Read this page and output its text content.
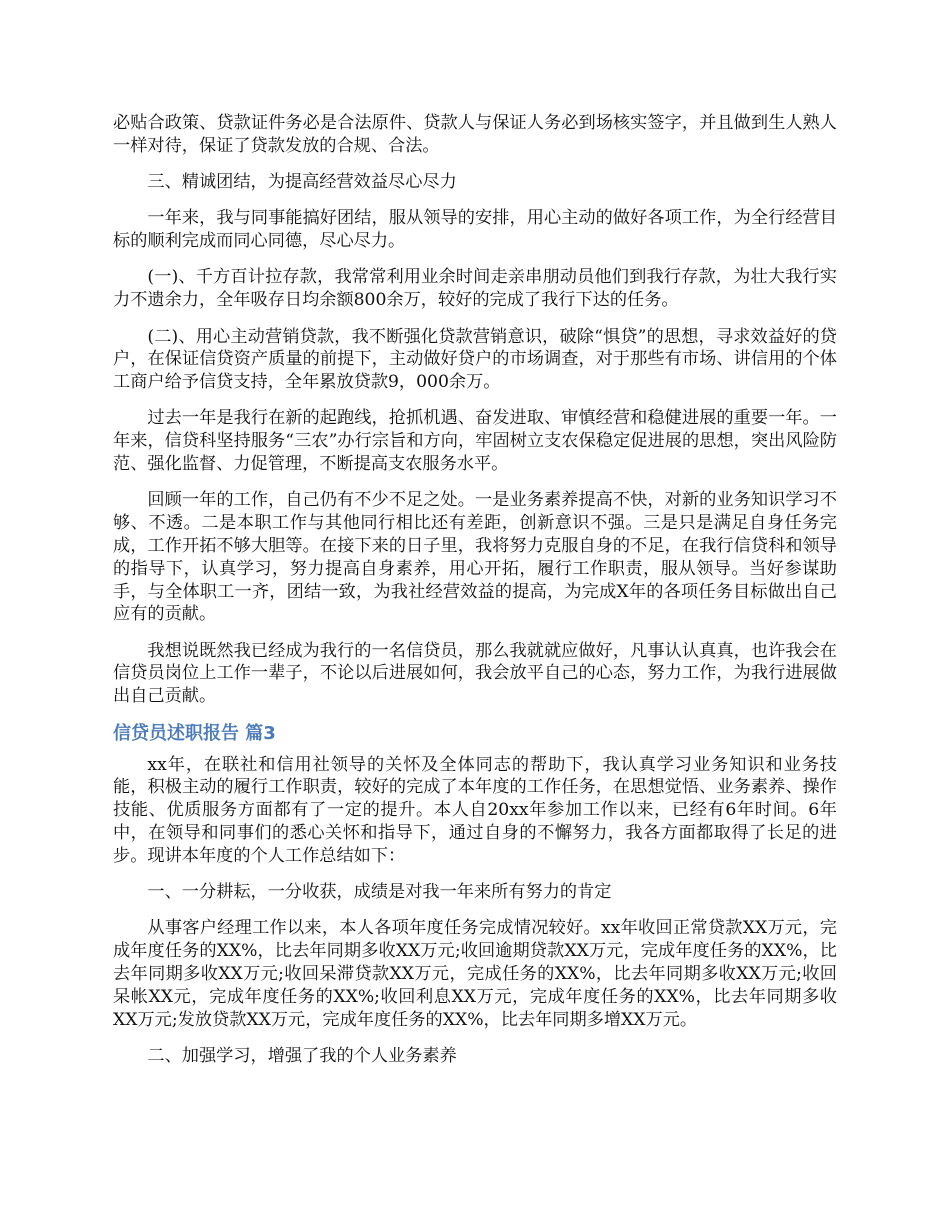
必贴合政策、贷款证件务必是合法原件、贷款人与保证人务必到场核实签字，并且做到生人熟人一样对待，保证了贷款发放的合规、合法。

三、精诚团结，为提高经营效益尽心尽力

一年来，我与同事能搞好团结，服从领导的安排，用心主动的做好各项工作，为全行经营目标的顺利完成而同心同德，尽心尽力。

(一)、千方百计拉存款，我常常利用业余时间走亲串朋动员他们到我行存款，为壮大我行实力不遗余力，全年吸存日均余额800余万，较好的完成了我行下达的任务。

(二)、用心主动营销贷款，我不断强化贷款营销意识，破除“惧贷”的思想，寻求效益好的贷户，在保证信贷资产质量的前提下，主动做好贷户的市场调查，对于那些有市场、讲信用的个体工商户给予信贷支持，全年累放贷款9，000余万。

过去一年是我行在新的起跑线，抢抓机遇、奋发进取、审慎经营和稳健进展的重要一年。一年来，信贷科坚持服务“三农”办行宗旨和方向，牢固树立支农保稳定促进展的思想，突出风险防范、强化监督、力促管理，不断提高支农服务水平。

回顾一年的工作，自己仍有不少不足之处。一是业务素养提高不快，对新的业务知识学习不够、不透。二是本职工作与其他同行相比还有差距，创新意识不强。三是只是满足自身任务完成，工作开拓不够大胆等。在接下来的日子里，我将努力克服自身的不足，在我行信贷科和领导的指导下，认真学习，努力提高自身素养，用心开拓，履行工作职责，服从领导。当好参谋助手，与全体职工一齐，团结一致，为我社经营效益的提高，为完成X年的各项任务目标做出自己应有的贡献。

我想说既然我已经成为我行的一名信贷员，那么我就就应做好，凡事认认真真，也许我会在信贷员岗位上工作一辈子，不论以后进展如何，我会放平自己的心态，努力工作，为我行进展做出自己贡献。

信贷员述职报告 篇3

xx年，在联社和信用社领导的关怀及全体同志的帮助下，我认真学习业务知识和业务技能，积极主动的履行工作职责，较好的完成了本年度的工作任务，在思想觉悟、业务素养、操作技能、优质服务方面都有了一定的提升。本人自20xx年参加工作以来，已经有6年时间。6年中，在领导和同事们的悉心关怀和指导下，通过自身的不懈努力，我各方面都取得了长足的进步。现讲本年度的个人工作总结如下：

一、一分耕耘，一分收获，成绩是对我一年来所有努力的肯定

从事客户经理工作以来，本人各项年度任务完成情况较好。xx年收回正常贷款XX万元，完成年度任务的XX%，比去年同期多收XX万元;收回逾期贷款XX万元，完成年度任务的XX%，比去年同期多收XX万元;收回呆滞贷款XX万元，完成任务的XX%，比去年同期多收XX万元;收回呆帐XX元，完成年度任务的XX%;收回利息XX万元，完成年度任务的XX%，比去年同期多收XX万元;发放贷款XX万元，完成年度任务的XX%，比去年同期多增XX万元。

二、加强学习，增强了我的个人业务素养
